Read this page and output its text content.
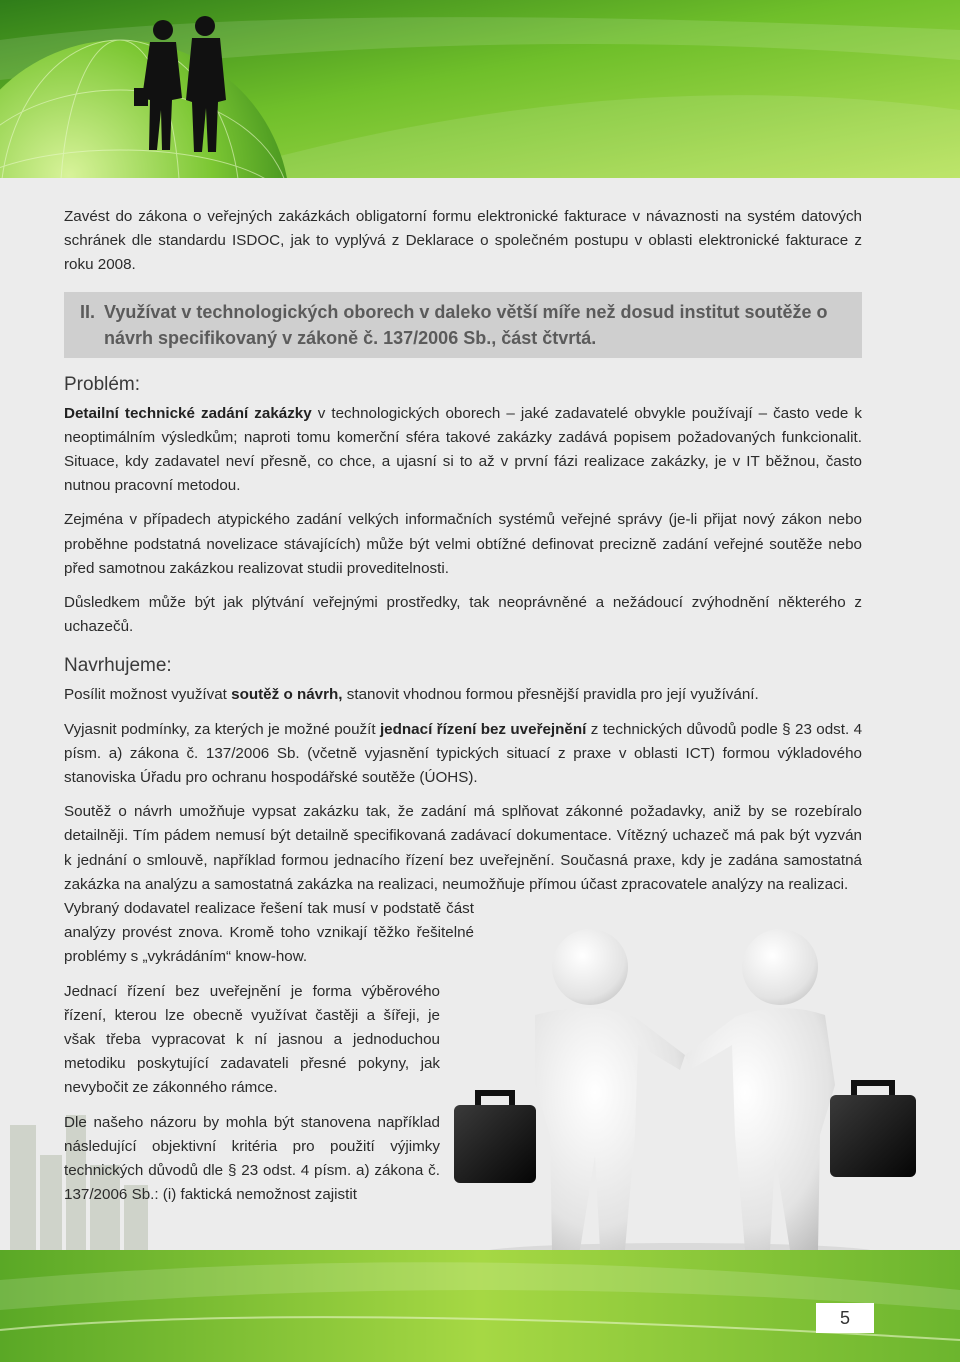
Zavést do zákona o veřejných zakázkách obligatorní formu elektronické fakturace v návaznosti na systém datových schránek dle standardu ISDOC, jak to vyplývá z Deklarace o společném postupu v oblasti elektronické fakturace z roku 2008.

II. Využívat v technologických oborech v daleko větší míře než dosud institut soutěže o návrh specifikovaný v zákoně č. 137/2006 Sb., část čtvrtá.
Problém:

Detailní technické zadání zakázky v technologických oborech – jaké zadavatelé obvykle používají – často vede k neoptimálním výsledkům; naproti tomu komerční sféra takové zakázky zadává popisem požadovaných funkcionalit. Situace, kdy zadavatel neví přesně, co chce, a ujasní si to až v první fázi realizace zakázky, je v IT běžnou, často nutnou pracovní metodou.

Zejména v případech atypického zadání velkých informačních systémů veřejné správy (je-li přijat nový zákon nebo proběhne podstatná novelizace stávajících) může být velmi obtížné definovat precizně zadání veřejné soutěže nebo před samotnou zakázkou realizovat studii proveditelnosti.

Důsledkem může být jak plýtvání veřejnými prostředky, tak neoprávněné a nežádoucí zvýhodnění některého z uchazečů.

Navrhujeme:

Posílit možnost využívat soutěž o návrh, stanovit vhodnou formou přesnější pravidla pro její využívání.

Vyjasnit podmínky, za kterých je možné použít jednací řízení bez uveřejnění z technických důvodů podle § 23 odst. 4 písm. a) zákona č. 137/2006 Sb. (včetně vyjasnění typických situací z praxe v oblasti ICT) formou výkladového stanoviska Úřadu pro ochranu hospodářské soutěže (ÚOHS).

Soutěž o návrh umožňuje vypsat zakázku tak, že zadání má splňovat zákonné požadavky, aniž by se rozebíralo detailněji. Tím pádem nemusí být detailně specifikovaná zadávací dokumentace. Vítězný uchazeč má pak být vyzván k jednání o smlouvě, například formou jednacího řízení bez uveřejnění. Současná praxe, kdy je zadána samostatná zakázka na analýzu a samostatná zakázka na realizaci, neumožňuje přímou účast zpracovatele analýzy na realizaci.

Vybraný dodavatel realizace řešení tak musí v podstatě část analýzy provést znova. Kromě toho vznikají těžko řešitelné problémy s „vykrádáním“ know-how.

Jednací řízení bez uveřejnění je forma výběrového řízení, kterou lze obecně využívat častěji a šířeji, je však třeba vypracovat k ní jasnou a jednoduchou metodiku poskytující zadavateli přesné pokyny, jak nevybočit ze zákonného rámce.

Dle našeho názoru by mohla být stanovena například následující objektivní kritéria pro použití výjimky technických důvodů dle § 23 odst. 4 písm. a) zákona č. 137/2006 Sb.: (i) faktická nemožnost zajistit

5
